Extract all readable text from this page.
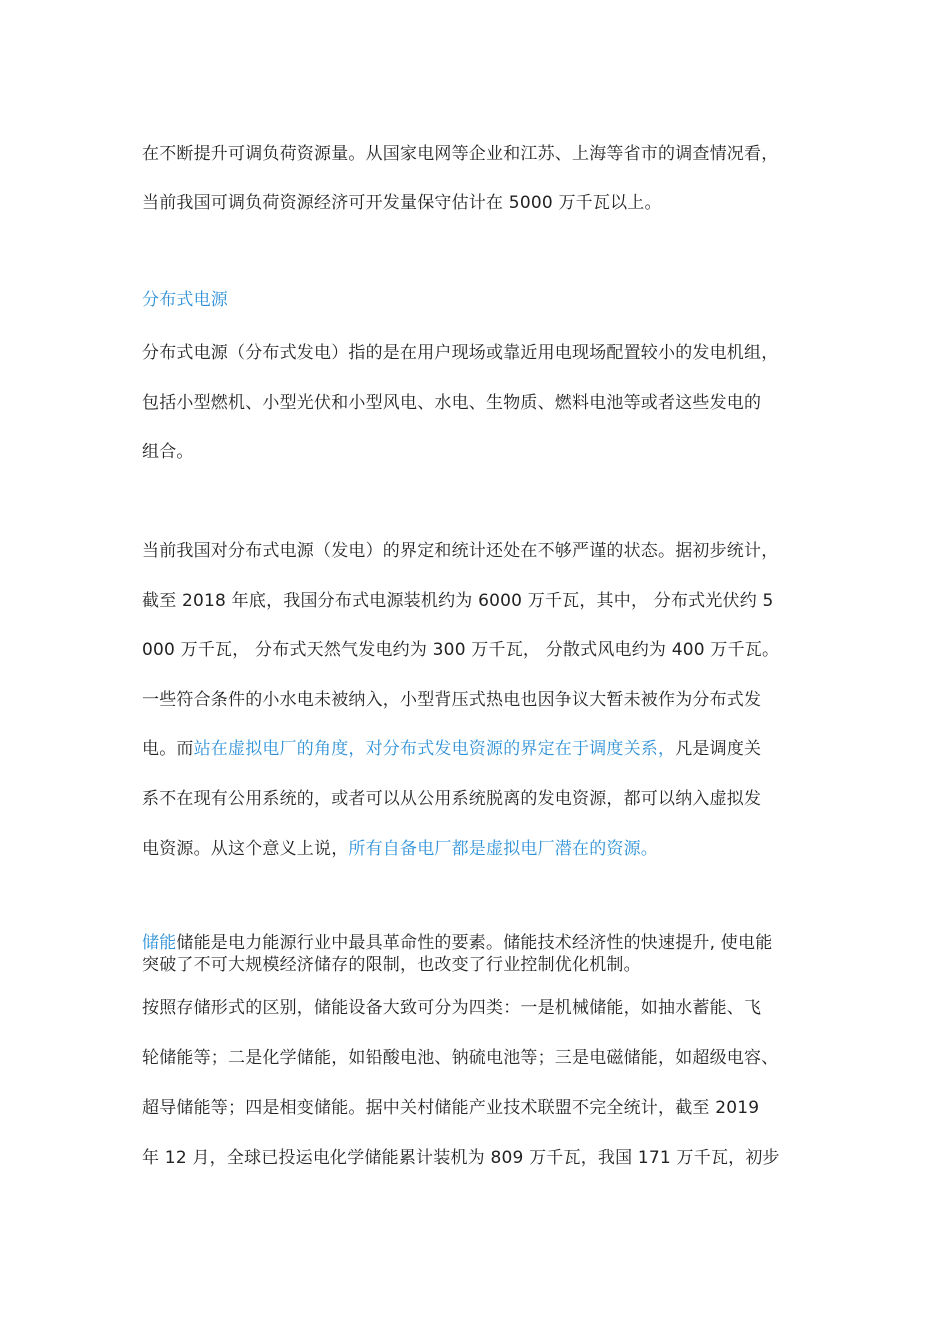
在不断提升可调负荷资源量。从国家电网等企业和江苏、上海等省市的调查情况看，
当前我国可调负荷资源经济可开发量保守估计在 5000 万千瓦以上。
分布式电源
分布式电源（分布式发电）指的是在用户现场或靠近用电现场配置较小的发电机组，
包括小型燃机、小型光伏和小型风电、水电、生物质、燃料电池等或者这些发电的
组合。
当前我国对分布式电源（发电）的界定和统计还处在不够严谨的状态。据初步统计，
截至 2018 年底，我国分布式电源装机约为 6000 万千瓦，其中， 分布式光伏约 5
000 万千瓦， 分布式天然气发电约为 300 万千瓦， 分散式风电约为 400 万千瓦。
一些符合条件的小水电未被纳入，小型背压式热电也因争议大暂未被作为分布式发
电。而站在虚拟电厂的角度，对分布式发电资源的界定在于调度关系，凡是调度关
系不在现有公用系统的，或者可以从公用系统脱离的发电资源，都可以纳入虚拟发
电资源。从这个意义上说，所有自备电厂都是虚拟电厂潜在的资源。
储能储能是电力能源行业中最具革命性的要素。储能技术经济性的快速提升, 使电能
突破了不可大规模经济储存的限制，也改变了行业控制优化机制。
按照存储形式的区别，储能设备大致可分为四类：一是机械储能，如抽水蓄能、飞
轮储能等；二是化学储能，如铅酸电池、钠硫电池等；三是电磁储能，如超级电容、
超导储能等；四是相变储能。据中关村储能产业技术联盟不完全统计，截至 2019
年 12 月，全球已投运电化学储能累计装机为 809 万千瓦，我国 171 万千瓦，初步
